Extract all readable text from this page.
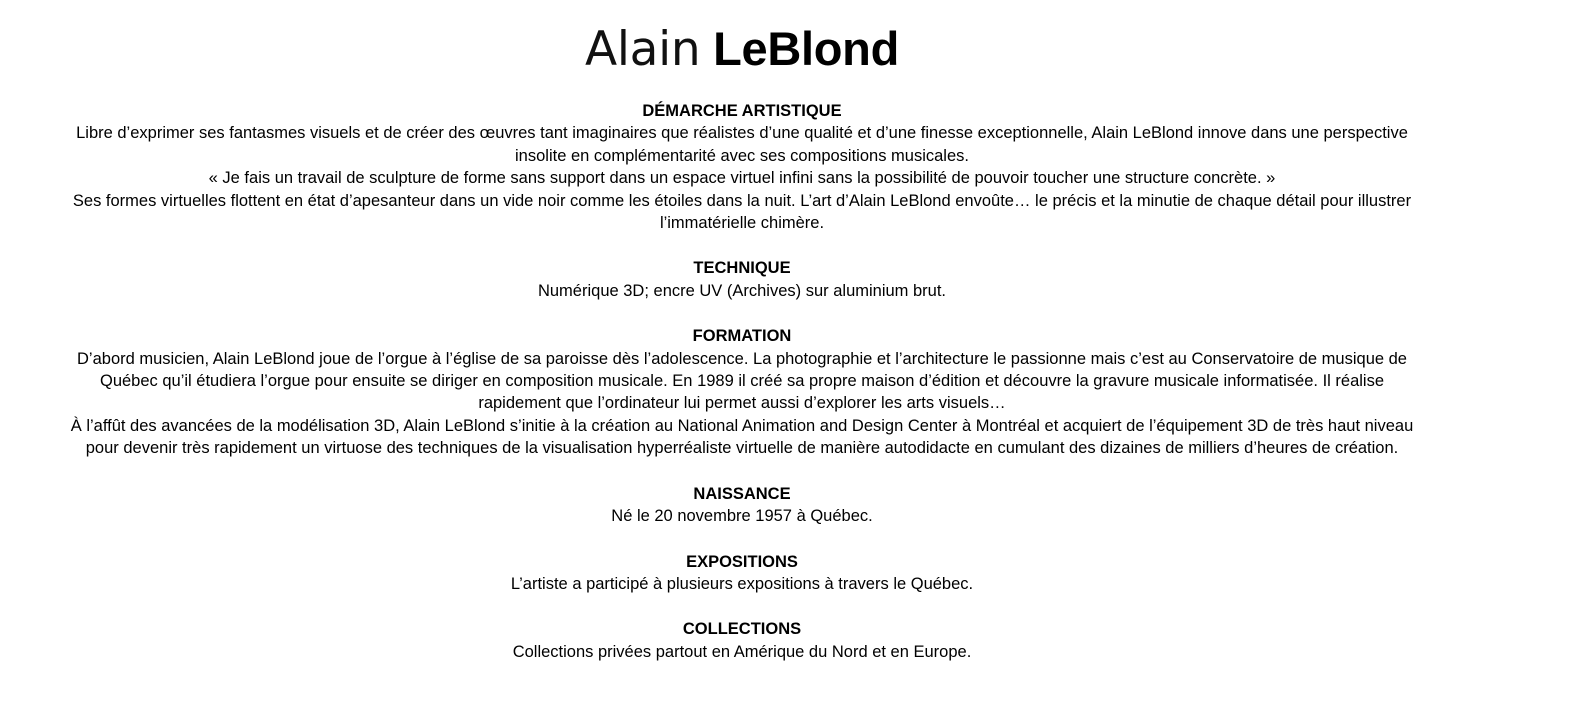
Alain LeBlond
DÉMARCHE ARTISTIQUE

Libre d’exprimer ses fantasmes visuels et de créer des œuvres tant imaginaires que réalistes d’une qualité et d’une finesse exceptionnelle, Alain LeBlond innove dans une perspective insolite en complémentarité avec ses compositions musicales.

« Je fais un travail de sculpture de forme sans support dans un espace virtuel infini sans la possibilité de pouvoir toucher une structure concrète. »

Ses formes virtuelles flottent en état d’apesanteur dans un vide noir comme les étoiles dans la nuit. L’art d’Alain LeBlond envoûte… le précis et la minutie de chaque détail pour illustrer l’immatérielle chimère.

TECHNIQUE

Numérique 3D; encre UV (Archives) sur aluminium brut.

FORMATION

D’abord musicien, Alain LeBlond joue de l’orgue à l’église de sa paroisse dès l’adolescence. La photographie et l’architecture le passionne mais c’est au Conservatoire de musique de Québec qu’il étudiera l’orgue pour ensuite se diriger en composition musicale. En 1989 il créé sa propre maison d’édition et découvre la gravure musicale informatisée. Il réalise rapidement que l’ordinateur lui permet aussi d’explorer les arts visuels…

À l’affût des avancées de la modélisation 3D, Alain LeBlond s’initie à la création au National Animation and Design Center à Montréal et acquiert de l’équipement 3D de très haut niveau pour devenir très rapidement un virtuose des techniques de la visualisation hyperréaliste virtuelle de manière autodidacte en cumulant des dizaines de milliers d’heures de création.

NAISSANCE

Né le 20 novembre 1957 à Québec.

EXPOSITIONS

L’artiste a participé à plusieurs expositions à travers le Québec.

COLLECTIONS

Collections privées partout en Amérique du Nord et en Europe.
